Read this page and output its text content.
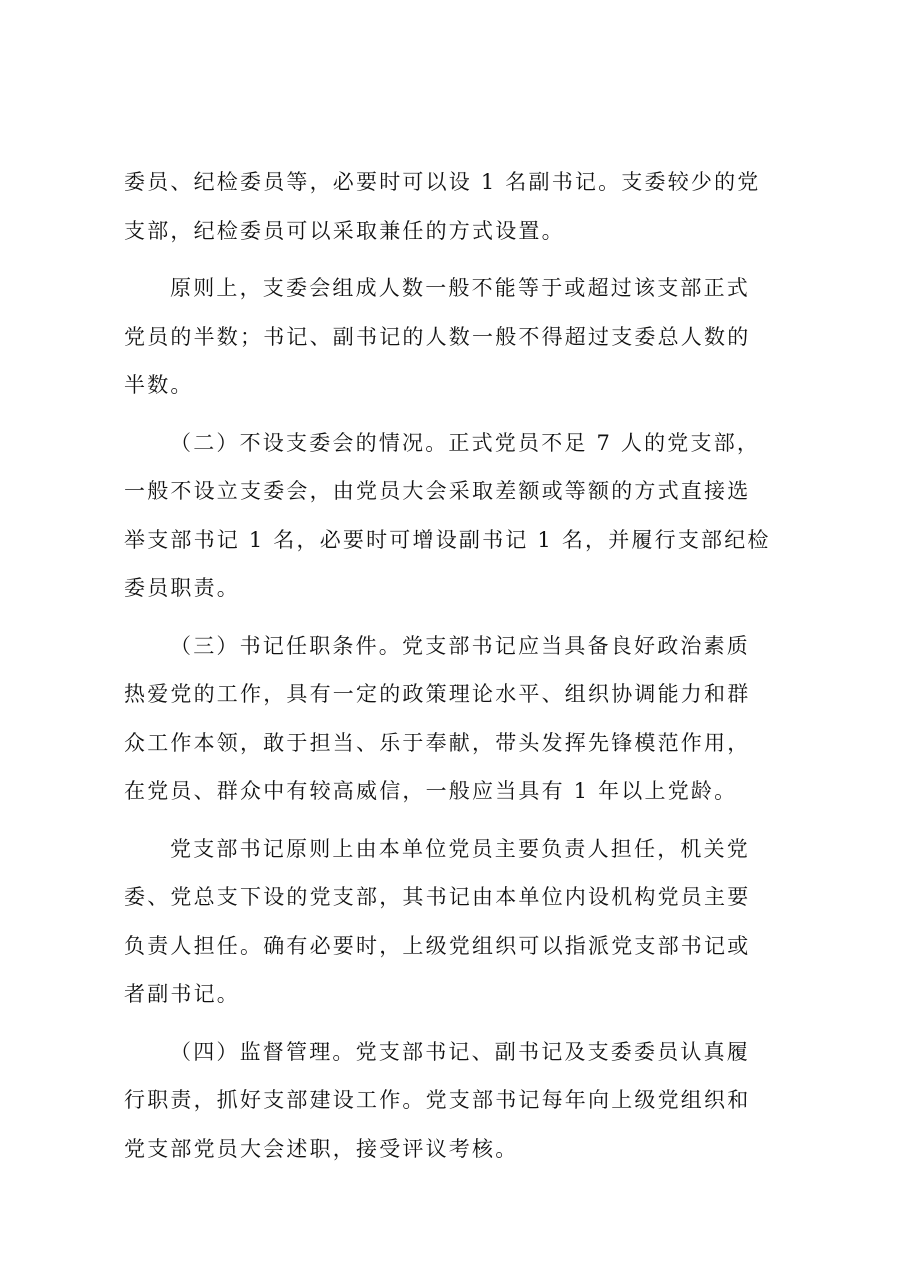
委员、纪检委员等，必要时可以设 1 名副书记。支委较少的党
支部，纪检委员可以采取兼任的方式设置。

原则上，支委会组成人数一般不能等于或超过该支部正式
党员的半数；书记、副书记的人数一般不得超过支委总人数的
半数。

（二）不设支委会的情况。正式党员不足 7 人的党支部，
一般不设立支委会，由党员大会采取差额或等额的方式直接选
举支部书记 1 名，必要时可增设副书记 1 名，并履行支部纪检
委员职责。

（三）书记任职条件。党支部书记应当具备良好政治素质
热爱党的工作，具有一定的政策理论水平、组织协调能力和群
众工作本领，敢于担当、乐于奉献，带头发挥先锋模范作用，
在党员、群众中有较高威信，一般应当具有 1 年以上党龄。

党支部书记原则上由本单位党员主要负责人担任，机关党
委、党总支下设的党支部，其书记由本单位内设机构党员主要
负责人担任。确有必要时，上级党组织可以指派党支部书记或
者副书记。

（四）监督管理。党支部书记、副书记及支委委员认真履
行职责，抓好支部建设工作。党支部书记每年向上级党组织和
党支部党员大会述职，接受评议考核。
